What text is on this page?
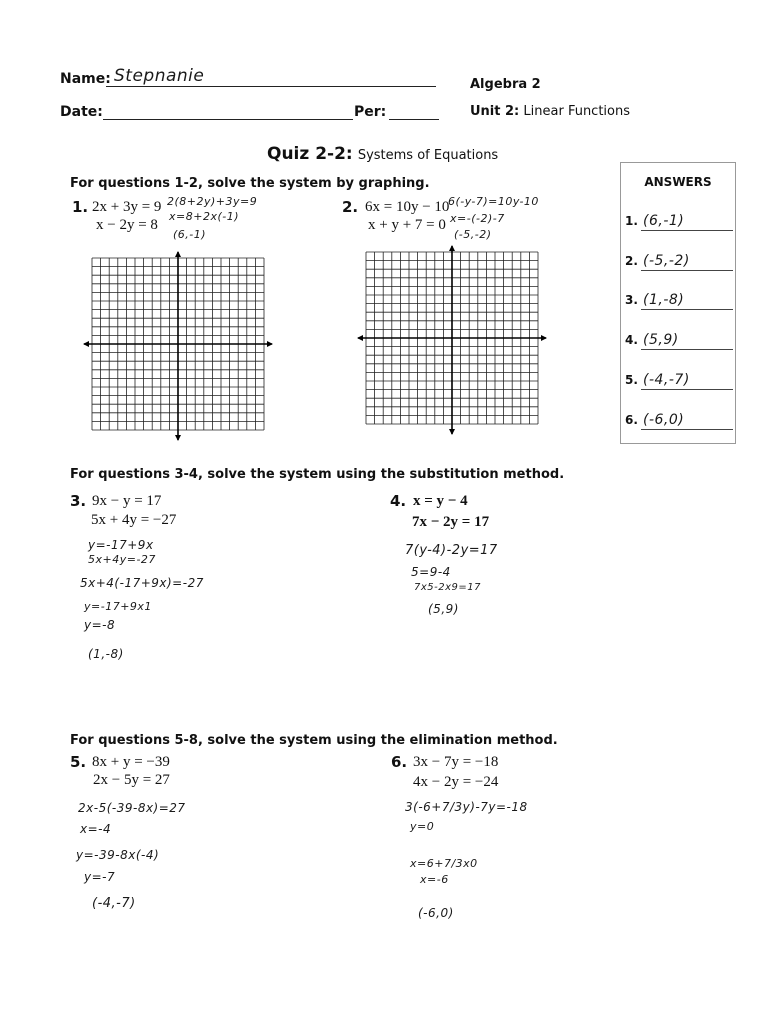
Name: Stepnanie
Date:	Per:
Algebra 2
Unit 2: Linear Functions
Quiz 2-2: Systems of Equations
For questions 1-2, solve the system by graphing.
1. 2x + 3y = 9
x − 2y = 8
2(8+2y)+3y=9
x=8+2x(-1)
(6,-1)
2. 6x = 10y − 10
x + y + 7 = 0
6(-y-7)=10y-10
x=-(-2)-7
(-5,-2)
ANSWERS
1. (6,-1)
2. (-5,-2)
3. (1,-8)
4. (5,9)
5. (-4,-7)
6. (-6,0)
For questions 3-4, solve the system using the substitution method.
3. 9x − y = 17
5x + 4y = −27
y=-17+9x
5x+4y=-27
5x+4(-17+9x)=-27
y=-17+9x1
y=-8
(1,-8)
4. x = y − 4
7x − 2y = 17
7(y-4)-2y=17
5=9-4
7x5-2x9=17
(5,9)
For questions 5-8, solve the system using the elimination method.
5. 8x + y = −39
2x − 5y = 27
2x-5(-39-8x)=27
x=-4
y=-39-8x(-4)
y=-7
(-4,-7)
6. 3x − 7y = −18
4x − 2y = −24
3(-6+7/3y)-7y=-18
y=0
x=6+7/3x0
x=-6
(-6,0)
